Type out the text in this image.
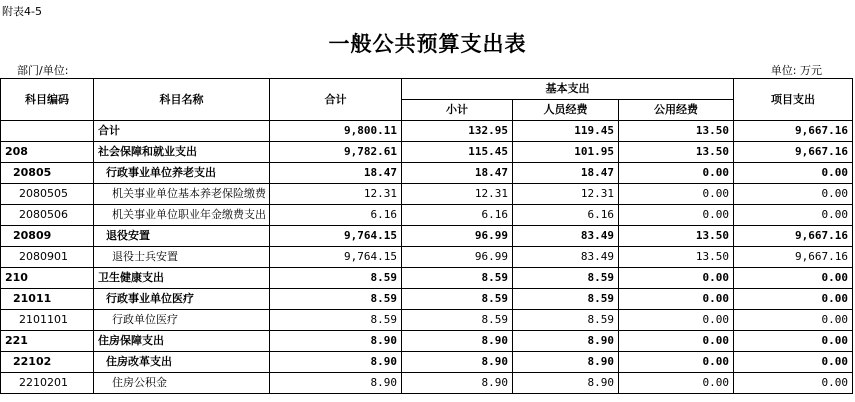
附表4-5
一般公共预算支出表
部门/单位:	单位: 万元
科目编码	科目名称	合计	基本支出			项目支出
			小计	人员经费	公用经费	
	合计	9,800.11	132.95	119.45	13.50	9,667.16
208	社会保障和就业支出	9,782.61	115.45	101.95	13.50	9,667.16
20805	行政事业单位养老支出	18.47	18.47	18.47	0.00	0.00
2080505	机关事业单位基本养老保险缴费	12.31	12.31	12.31	0.00	0.00
2080506	机关事业单位职业年金缴费支出	6.16	6.16	6.16	0.00	0.00
20809	退役安置	9,764.15	96.99	83.49	13.50	9,667.16
2080901	退役士兵安置	9,764.15	96.99	83.49	13.50	9,667.16
210	卫生健康支出	8.59	8.59	8.59	0.00	0.00
21011	行政事业单位医疗	8.59	8.59	8.59	0.00	0.00
2101101	行政单位医疗	8.59	8.59	8.59	0.00	0.00
221	住房保障支出	8.90	8.90	8.90	0.00	0.00
22102	住房改革支出	8.90	8.90	8.90	0.00	0.00
2210201	住房公积金	8.90	8.90	8.90	0.00	0.00
